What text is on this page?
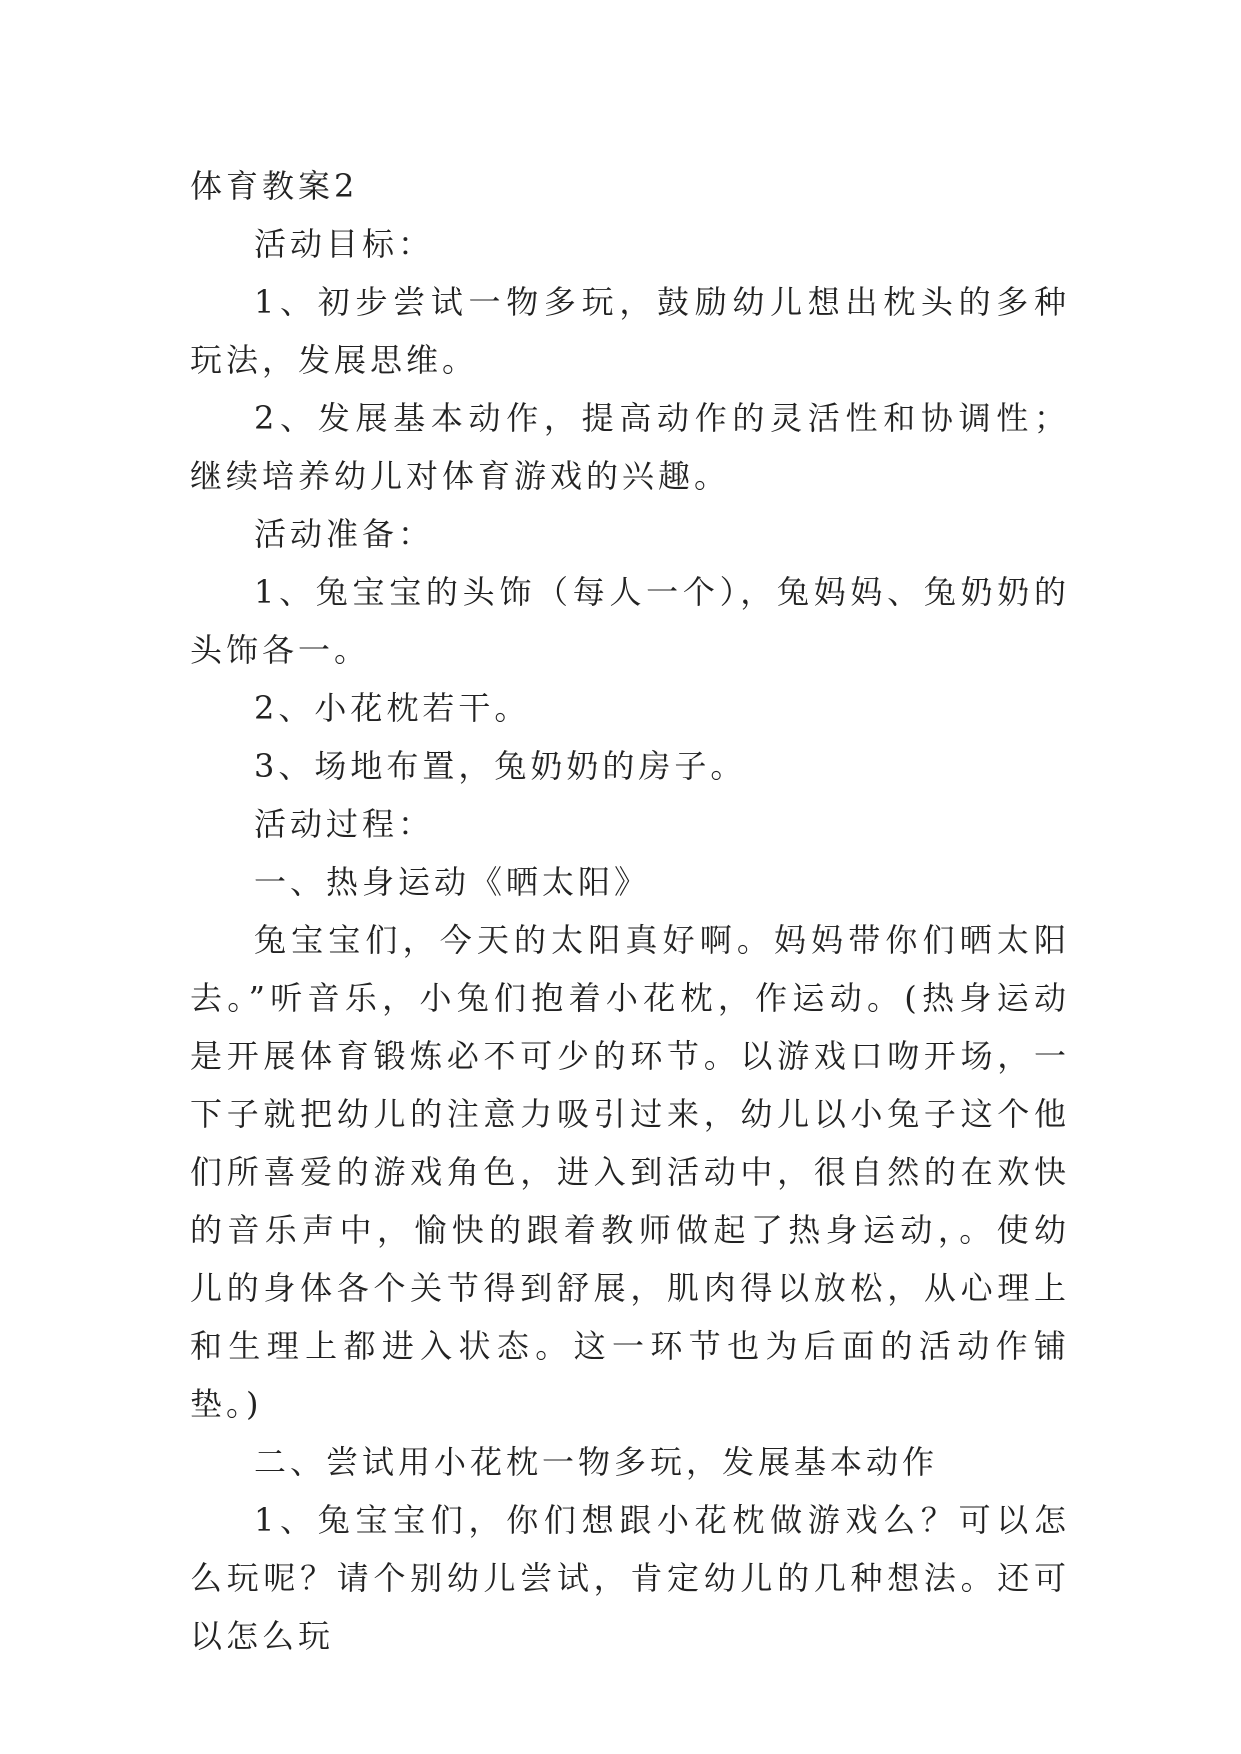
体育教案2

活动目标：

1、初步尝试一物多玩，鼓励幼儿想出枕头的多种玩法，发展思维。

2、发展基本动作，提高动作的灵活性和协调性；继续培养幼儿对体育游戏的兴趣。

活动准备：

1、兔宝宝的头饰（每人一个），兔妈妈、兔奶奶的头饰各一。

2、小花枕若干。

3、场地布置，兔奶奶的房子。

活动过程：

一、热身运动《晒太阳》

兔宝宝们，今天的太阳真好啊。妈妈带你们晒太阳去。”听音乐，小兔们抱着小花枕，作运动。(热身运动是开展体育锻炼必不可少的环节。以游戏口吻开场，一下子就把幼儿的注意力吸引过来，幼儿以小兔子这个他们所喜爱的游戏角色，进入到活动中，很自然的在欢快的音乐声中，愉快的跟着教师做起了热身运动，。使幼儿的身体各个关节得到舒展，肌肉得以放松，从心理上和生理上都进入状态。这一环节也为后面的活动作铺垫。)

二、尝试用小花枕一物多玩，发展基本动作

1、兔宝宝们，你们想跟小花枕做游戏么？可以怎么玩呢？请个别幼儿尝试，肯定幼儿的几种想法。还可以怎么玩
